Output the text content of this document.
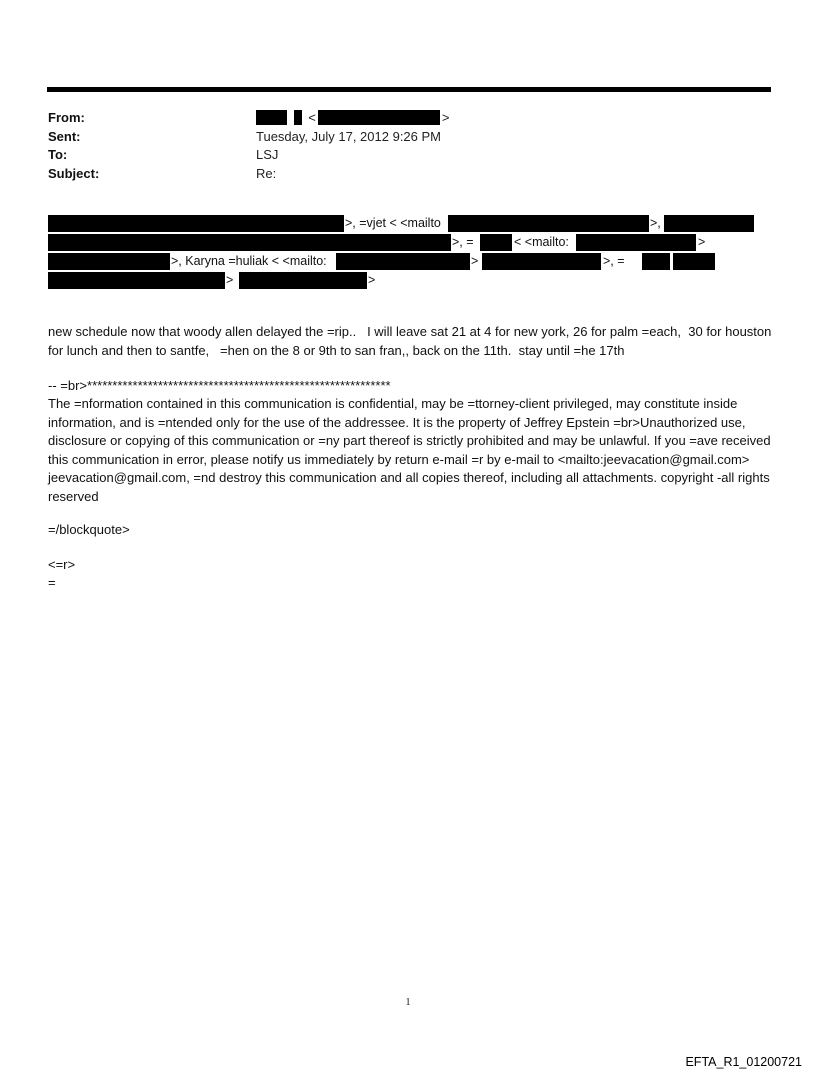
From:	<	>
Sent:	Tuesday, July 17, 2012 9:26 PM
To:	LSJ
Subject:	Re:
>, =vjet < <mailto	>,
>, =	< <mailto:	>
>, Karyna =huliak < <mailto:	>	>, =
>	>
new schedule now that woody allen delayed the =rip..   I will leave sat 21 at 4 for new york, 26 for palm =each,  30 for houston for lunch and then to santfe,   =hen on the 8 or 9th to san fran,, back on the 11th.  stay until =he 17th
-- =br>************************************************************
The =nformation contained in this communication is confidential, may be =ttorney-client privileged, may constitute inside information, and is =ntended only for the use of the addressee. It is the property of Jeffrey Epstein =br>Unauthorized use, disclosure or copying of this communication or =ny part thereof is strictly prohibited and may be unlawful. If you =ave received this communication in error, please notify us immediately by return e-mail =r by e-mail to <mailto:jeevacation@gmail.com> jeevacation@gmail.com, =nd destroy this communication and all copies thereof, including all attachments. copyright -all rights reserved
=/blockquote>
<=r>
=
1
EFTA_R1_01200721
